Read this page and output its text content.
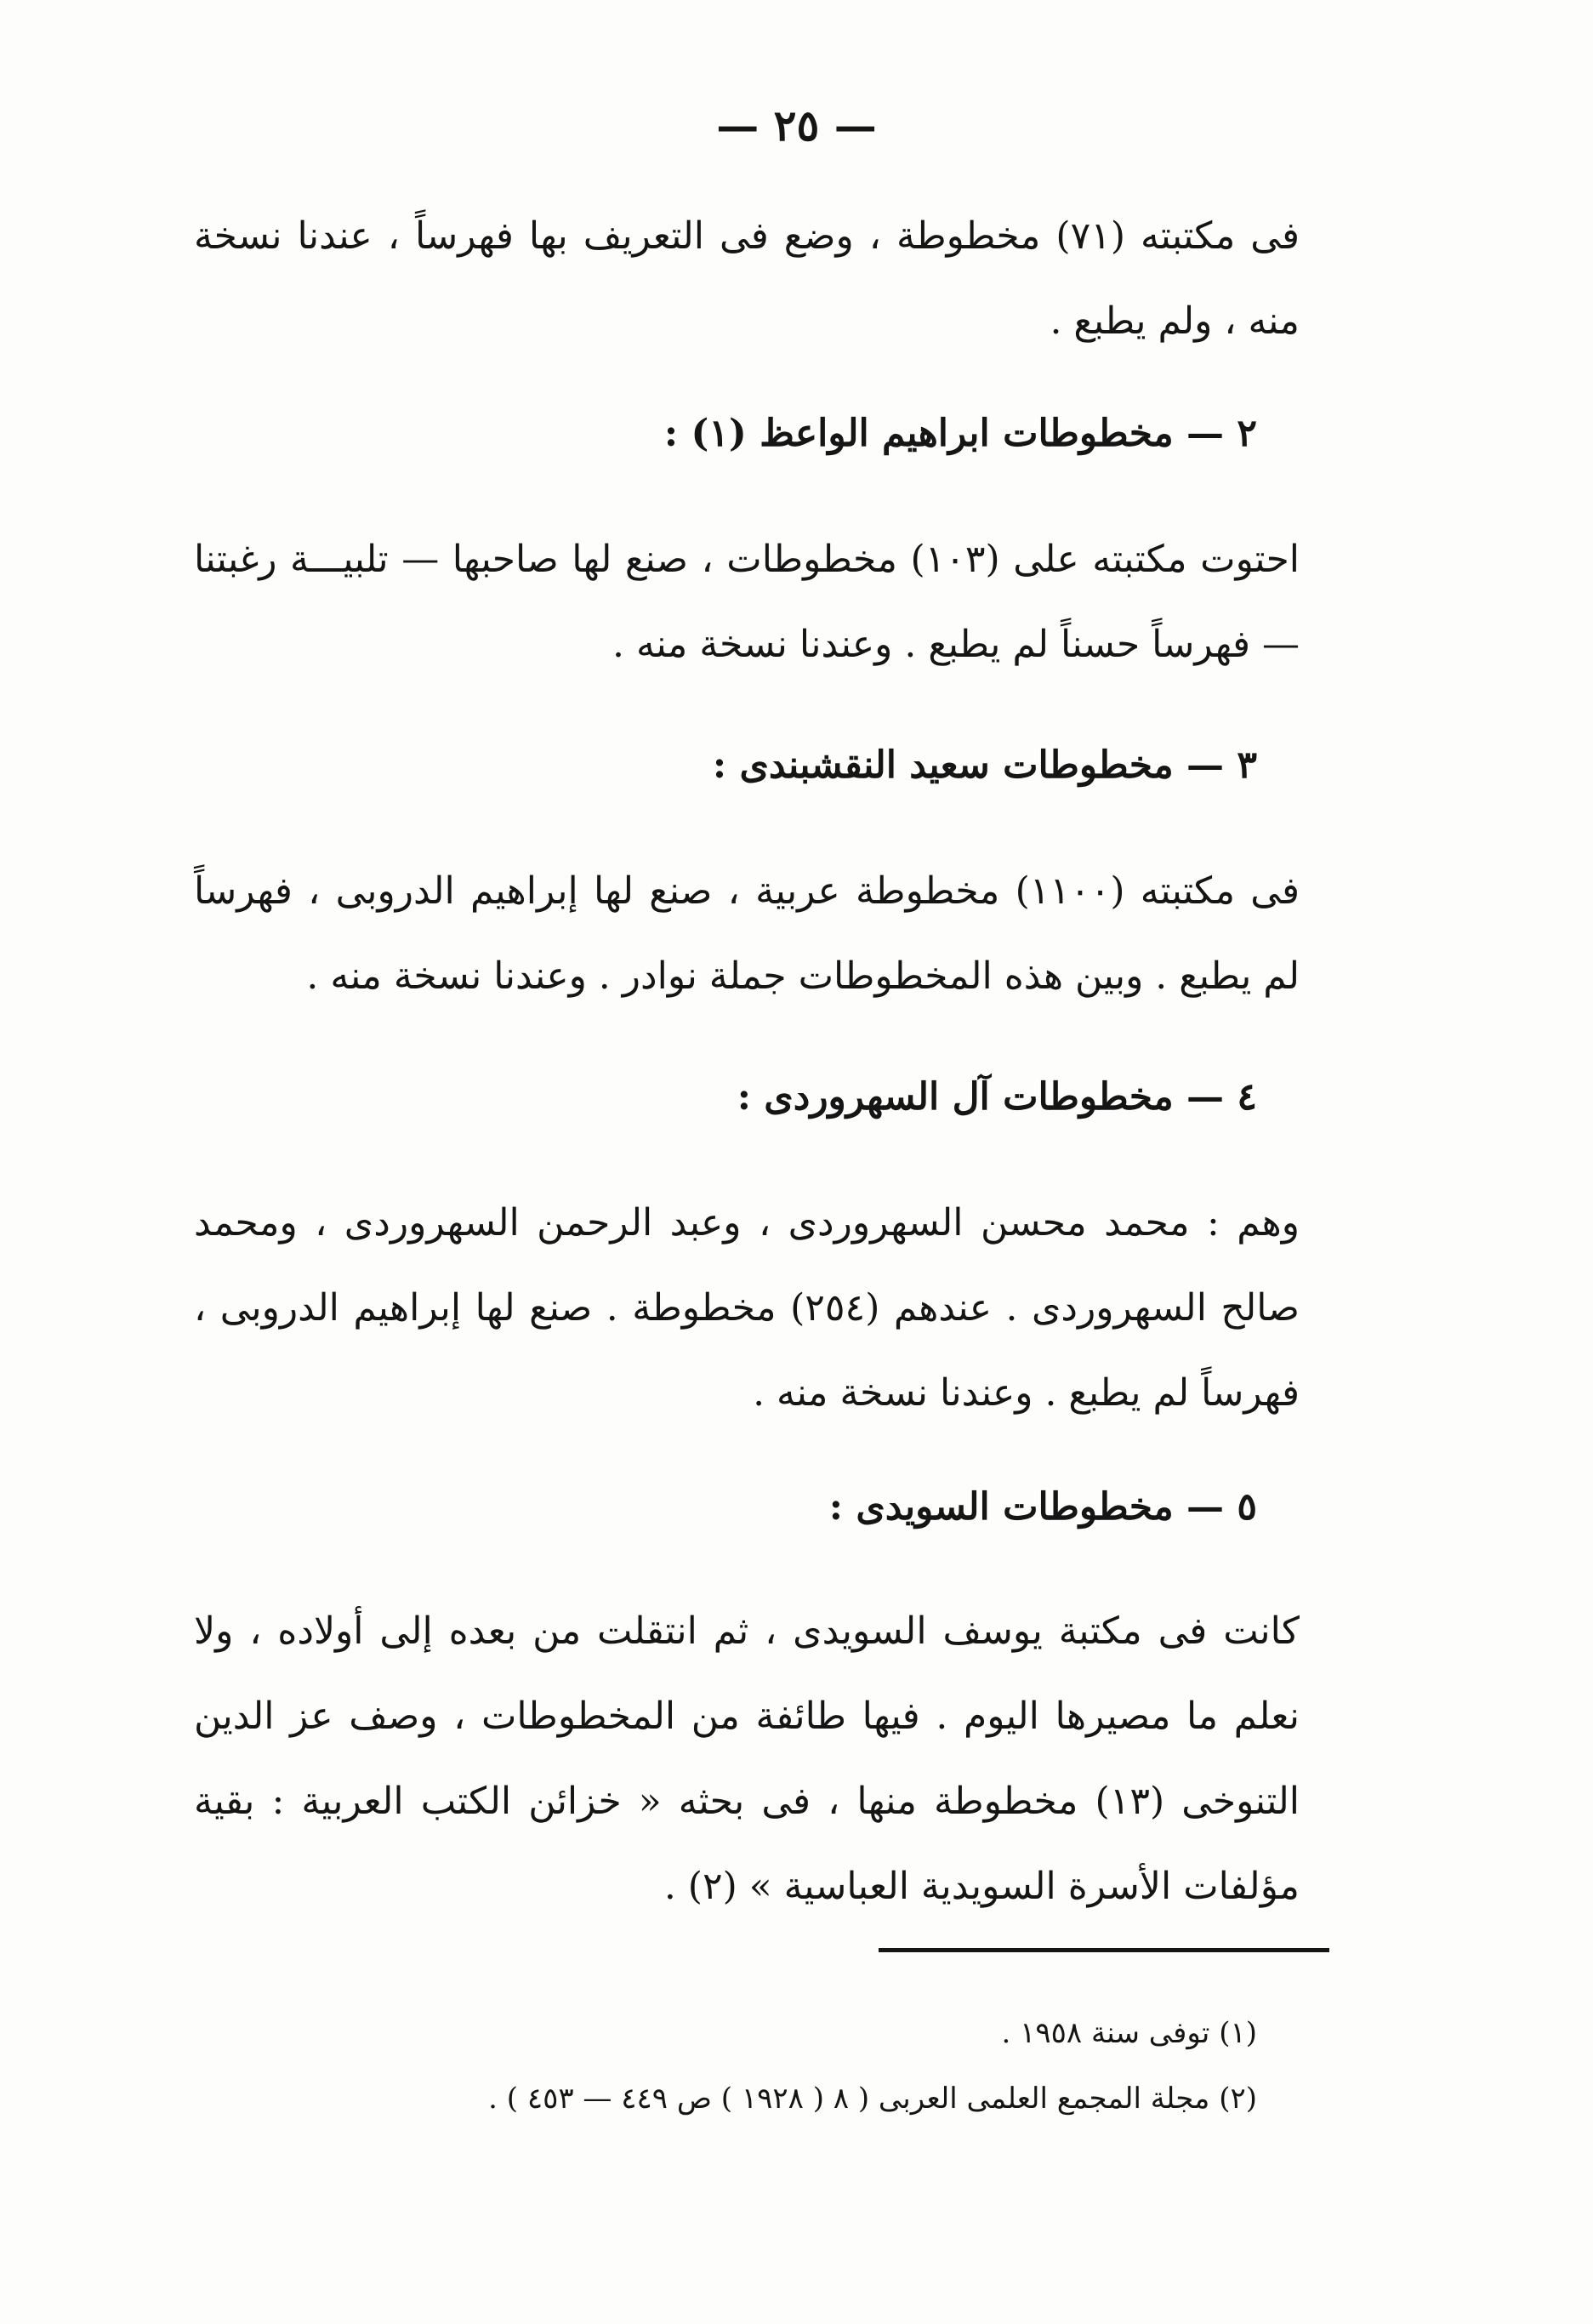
— ٢٥ —
فى مكتبته (٧١) مخطوطة ، وضع فى التعريف بها فهرساً ، عندنا نسخة منه ، ولم يطبع .
٢ — مخطوطات ابراهيم الواعظ (١) :
احتوت مكتبته على (١٠٣) مخطوطات ، صنع لها صاحبها — تلبيـــة رغبتنا — فهرساً حسناً لم يطبع . وعندنا نسخة منه .
٣ — مخطوطات سعيد النقشبندى :
فى مكتبته (١١٠٠) مخطوطة عربية ، صنع لها إبراهيم الدروبى ، فهرساً لم يطبع . وبين هذه المخطوطات جملة نوادر . وعندنا نسخة منه .
٤ — مخطوطات آل السهروردى :
وهم : محمد محسن السهروردى ، وعبد الرحمن السهروردى ، ومحمد صالح السهروردى . عندهم (٢٥٤) مخطوطة . صنع لها إبراهيم الدروبى ، فهرساً لم يطبع . وعندنا نسخة منه .
٥ — مخطوطات السويدى :
كانت فى مكتبة يوسف السويدى ، ثم انتقلت من بعده إلى أولاده ، ولا نعلم ما مصيرها اليوم . فيها طائفة من المخطوطات ، وصف عز الدين التنوخى (١٣) مخطوطة منها ، فى بحثه « خزائن الكتب العربية : بقية مؤلفات الأسرة السويدية العباسية » (٢) .
(١) توفى سنة ١٩٥٨ .
(٢) مجلة المجمع العلمى العربى ( ٨ ( ١٩٢٨ ) ص ٤٤٩ — ٤٥٣ ) .
